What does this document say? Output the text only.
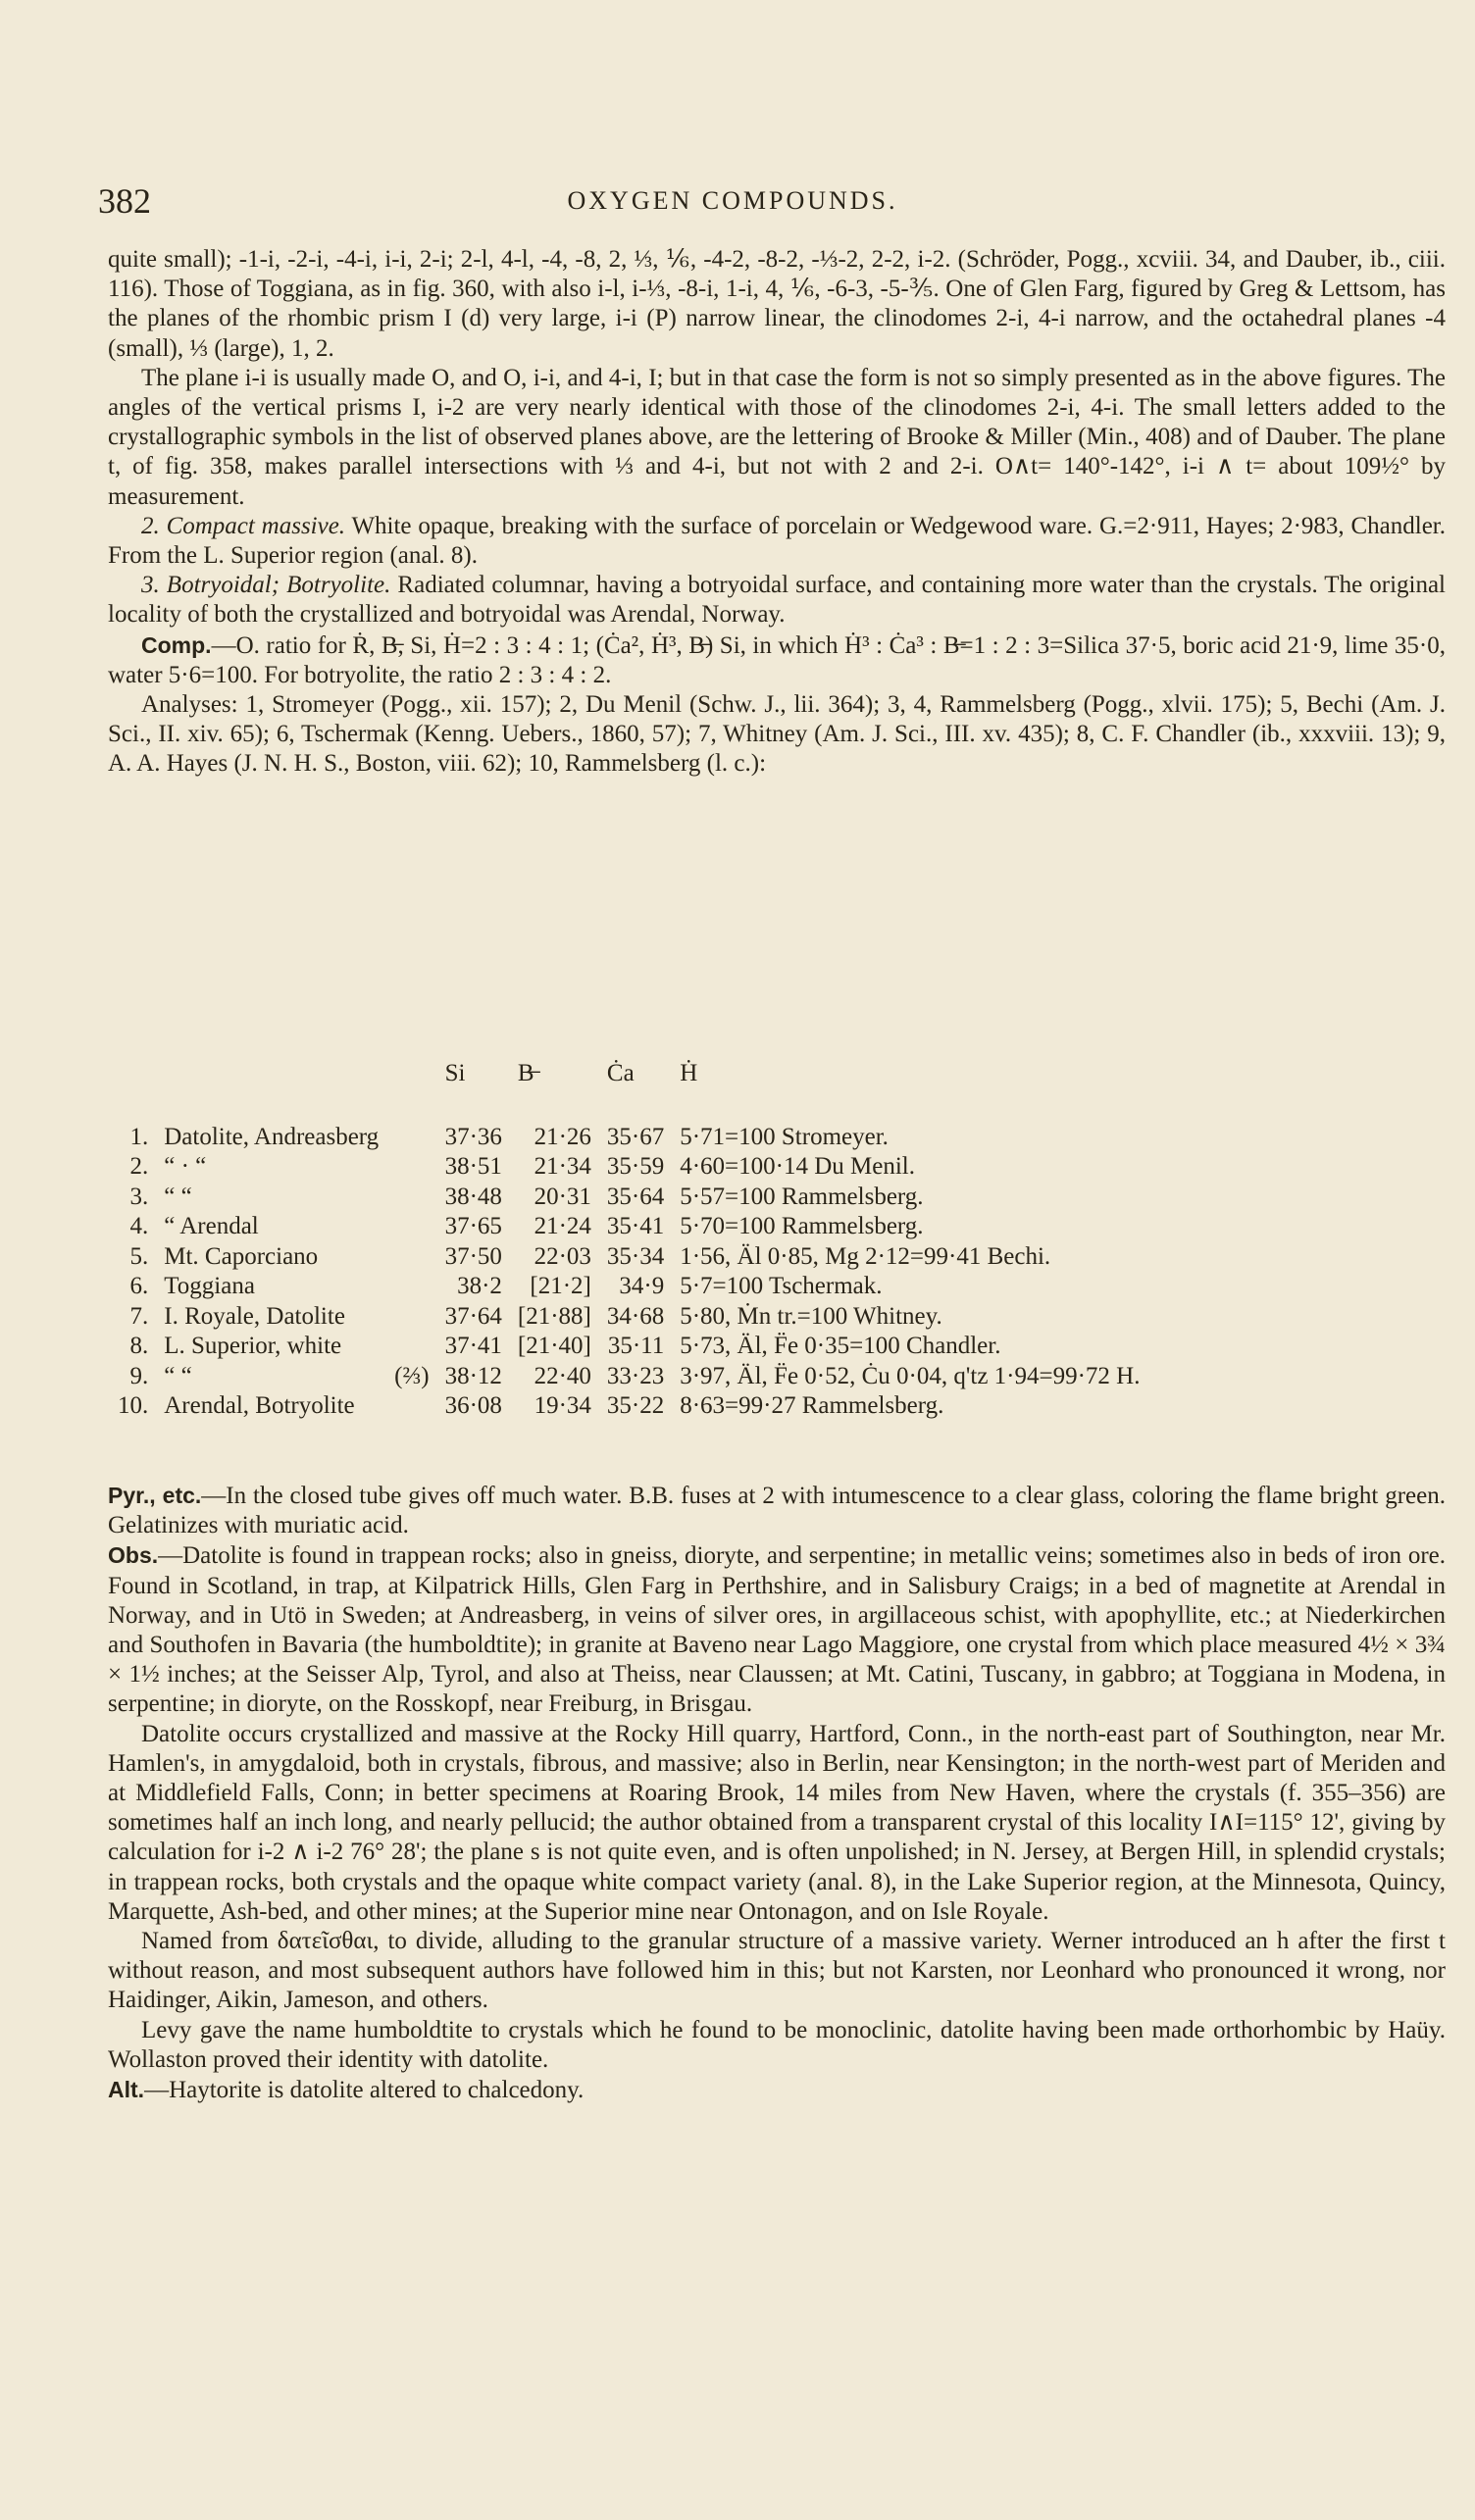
382	OXYGEN COMPOUNDS.

quite small); -1-i, -2-i, -4-i, i-i, 2-i; 2-l, 4-l, -4, -8, 2, ⅓, ⅙, -4-2, -8-2, -⅓-2, 2-2, i-2. (Schröder, Pogg., xcviii. 34, and Dauber, ib., ciii. 116). Those of Toggiana, as in fig. 360, with also i-l, i-⅓, -8-i, 1-i, 4, ⅙, -6-3, -5-⅗. One of Glen Farg, figured by Greg & Lettsom, has the planes of the rhombic prism I (d) very large, i-i (P) narrow linear, the clinodomes 2-i, 4-i narrow, and the octahedral planes -4 (small), ⅓ (large), 1, 2.

The plane i-i is usually made O, and O, i-i, and 4-i, I; but in that case the form is not so simply presented as in the above figures. The angles of the vertical prisms I, i-2 are very nearly identical with those of the clinodomes 2-i, 4-i. The small letters added to the crystallographic symbols in the list of observed planes above, are the lettering of Brooke & Miller (Min., 408) and of Dauber. The plane t, of fig. 358, makes parallel intersections with ⅓ and 4-i, but not with 2 and 2-i. O∧t= 140°-142°, i-i ∧ t= about 109½° by measurement.

2. Compact massive. White opaque, breaking with the surface of porcelain or Wedgewood ware. G.=2·911, Hayes; 2·983, Chandler. From the L. Superior region (anal. 8).

3. Botryoidal; Botryolite. Radiated columnar, having a botryoidal surface, and containing more water than the crystals. The original locality of both the crystallized and botryoidal was Arendal, Norway.

Comp.—O. ratio for Ṙ, B̶, Si, Ḣ=2 : 3 : 4 : 1; (Ċa², Ḣ³, B̶) Si, in which Ḣ³ : Ċa³ : B̶=1 : 2 : 3=Silica 37·5, boric acid 21·9, lime 35·0, water 5·6=100. For botryolite, the ratio 2 : 3 : 4 : 2.

Analyses: 1, Stromeyer (Pogg., xii. 157); 2, Du Menil (Schw. J., lii. 364); 3, 4, Rammelsberg (Pogg., xlvii. 175); 5, Bechi (Am. J. Sci., II. xiv. 65); 6, Tschermak (Kenng. Uebers., 1860, 57); 7, Whitney (Am. J. Sci., III. xv. 435); 8, C. F. Chandler (ib., xxxviii. 13); 9, A. A. Hayes (J. N. H. S., Boston, viii. 62); 10, Rammelsberg (l. c.):

			Si	B̶	Ċa	Ḣ
1.	Datolite, Andreasberg		37·36	21·26	35·67	5·71=100 Stromeyer.
2.	“ · “		38·51	21·34	35·59	4·60=100·14 Du Menil.
3.	“ “		38·48	20·31	35·64	5·57=100 Rammelsberg.
4.	“ Arendal		37·65	21·24	35·41	5·70=100 Rammelsberg.
5.	Mt. Caporciano		37·50	22·03	35·34	1·56, Äl 0·85, Mg 2·12=99·41 Bechi.
6.	Toggiana		38·2	[21·2]	34·9	5·7=100 Tschermak.
7.	I. Royale, Datolite		37·64	[21·88]	34·68	5·80, Ṁn tr.=100 Whitney.
8.	L. Superior, white		37·41	[21·40]	35·11	5·73, Äl, F̈e 0·35=100 Chandler.
9.	“ “	(⅔)	38·12	22·40	33·23	3·97, Äl, F̈e 0·52, Ċu 0·04, q'tz 1·94=99·72 H.
10.	Arendal, Botryolite		36·08	19·34	35·22	8·63=99·27 Rammelsberg.

Pyr., etc.—In the closed tube gives off much water. B.B. fuses at 2 with intumescence to a clear glass, coloring the flame bright green. Gelatinizes with muriatic acid.

Obs.—Datolite is found in trappean rocks; also in gneiss, dioryte, and serpentine; in metallic veins; sometimes also in beds of iron ore. Found in Scotland, in trap, at Kilpatrick Hills, Glen Farg in Perthshire, and in Salisbury Craigs; in a bed of magnetite at Arendal in Norway, and in Utö in Sweden; at Andreasberg, in veins of silver ores, in argillaceous schist, with apophyllite, etc.; at Niederkirchen and Southofen in Bavaria (the humboldtite); in granite at Baveno near Lago Maggiore, one crystal from which place measured 4½ × 3¾ × 1½ inches; at the Seisser Alp, Tyrol, and also at Theiss, near Claussen; at Mt. Catini, Tuscany, in gabbro; at Toggiana in Modena, in serpentine; in dioryte, on the Rosskopf, near Freiburg, in Brisgau.

Datolite occurs crystallized and massive at the Rocky Hill quarry, Hartford, Conn., in the north-east part of Southington, near Mr. Hamlen's, in amygdaloid, both in crystals, fibrous, and massive; also in Berlin, near Kensington; in the north-west part of Meriden and at Middlefield Falls, Conn; in better specimens at Roaring Brook, 14 miles from New Haven, where the crystals (f. 355–356) are sometimes half an inch long, and nearly pellucid; the author obtained from a transparent crystal of this locality I∧I=115° 12', giving by calculation for i-2 ∧ i-2 76° 28'; the plane s is not quite even, and is often unpolished; in N. Jersey, at Bergen Hill, in splendid crystals; in trappean rocks, both crystals and the opaque white compact variety (anal. 8), in the Lake Superior region, at the Minnesota, Quincy, Marquette, Ash-bed, and other mines; at the Superior mine near Ontonagon, and on Isle Royale.

Named from δατεῖσθαι, to divide, alluding to the granular structure of a massive variety. Werner introduced an h after the first t without reason, and most subsequent authors have followed him in this; but not Karsten, nor Leonhard who pronounced it wrong, nor Haidinger, Aikin, Jameson, and others.

Levy gave the name humboldtite to crystals which he found to be monoclinic, datolite having been made orthorhombic by Haüy. Wollaston proved their identity with datolite.

Alt.—Haytorite is datolite altered to chalcedony.
